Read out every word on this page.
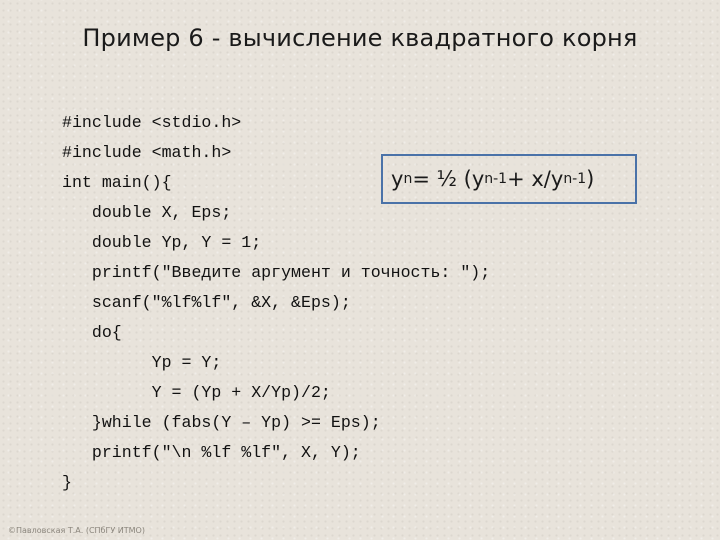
Пример 6 - вычисление квадратного корня
#include <stdio.h>
#include <math.h>
int main(){
double X, Eps;
double Yp, Y = 1;
printf("Введите аргумент и точность: ");
scanf("%lf%lf", &X, &Eps);
do{
Yp = Y;
Y = (Yp + X/Yp)/2;
}while (fabs(Y – Yp) >= Eps);
printf("\n %lf %lf", X, Y);
}
y n = ½ ( y n-1 + x/ y n-1 )
©Павловская Т.А. (СПбГУ ИТМО)
